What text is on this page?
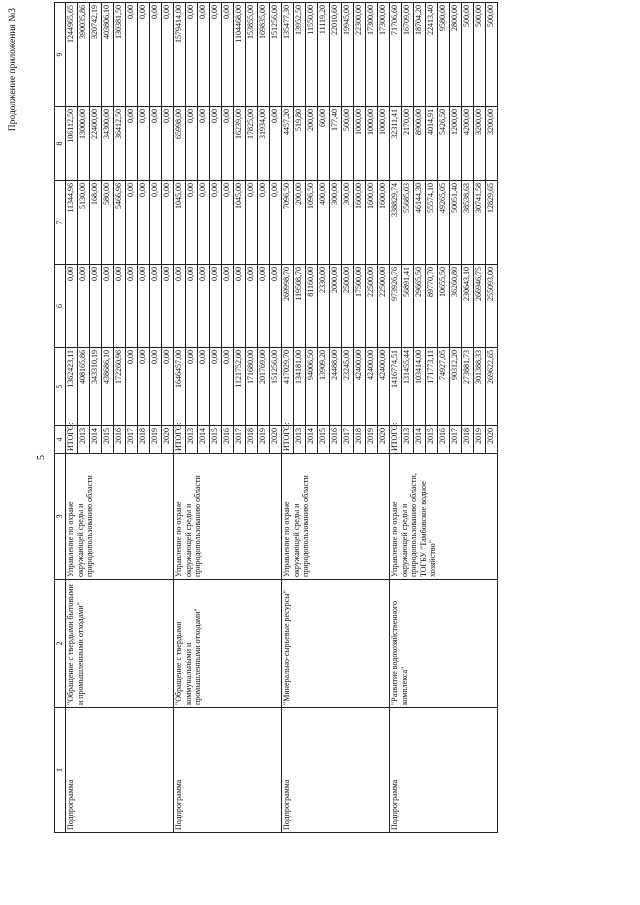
5
Продолжение приложения №3
1	2	3	4	5	6	7	8	9
Подпрограмма	"Обращение с твердыми бытовыми и промышленными отходами"	Управление по охране окружающей среды и природопользованию области	ИТОГО:	1362423,11	0,00	11344,96	106112,50	1244965,65
			2013	408165,86	0,00	5130,00	13000,00	390035,86
			2014	343310,19	0,00	168,00	22400,00	320742,19
			2015	438686,10	0,00	580,00	34300,00	403806,10
			2016	172260,96	0,00	5466,96	36412,50	130381,50
			2017	0,00	0,00	0,00	0,00	0,00
			2018	0,00	0,00	0,00	0,00	0,00
			2019	0,00	0,00	0,00	0,00	0,00
			2020	0,00	0,00	0,00	0,00	0,00
Подпрограмма	"Обращение с твердыми коммунальными и промышленными отходами"	Управление по охране окружающей среды и природопользованию области	ИТОГО:	1646457,00	0,00	1045,00	65998,00	1579414,00
			2013	0,00	0,00	0,00	0,00	0,00
			2014	0,00	0,00	0,00	0,00	0,00
			2015	0,00	0,00	0,00	0,00	0,00
			2016	0,00	0,00	0,00	0,00	0,00
			2017	1121752,00	0,00	1045,00	16239,00	1104468,00
			2018	171680,00	0,00	0,00	17825,00	153855,00
			2019	201769,00	0,00	0,00	31934,00	169835,00
			2020	151256,00	0,00	0,00	0,00	151256,00
Подпрограмма	"Минерально-сырьевые ресурсы"	Управление по охране окружающей среды и природопользованию области	ИТОГО:	417029,70	269998,70	7096,50	4457,20	135477,30
			2013	134181,00	119508,70	200,00	519,80	13952,50
			2014	94006,50	81160,00	1096,50	200,00	11550,00
			2015	13909,20	2330,00	400,00	60,00	11119,20
			2016	24488,00	2000,00	300,00	177,40	22010,60
			2017	23245,00	2500,00	300,00	500,00	19945,00
			2018	42400,00	17500,00	1600,00	1000,00	22300,00
			2019	42400,00	22500,00	1600,00	1000,00	17300,00
			2020	42400,00	22500,00	1600,00	1000,00	17300,00
Подпрограмма	"Развитие водохозяйственного комплекса"	Управление по охране окружающей среды и природопользованию области, ТОГБУ "Тамбовское водное хозяйство"	ИТОГО:	1416774,51	973926,76	338829,74	32311,41	71706,60
			2013	131455,44	56891,41	55685,03	2170,00	16709,00
			2014	103414,00	29665,50	46144,30	8900,00	18704,20
			2015	171773,11	89770,70	55574,10	4014,91	22413,40
			2016	74927,05	10655,50	49265,05	5426,50	9580,00
			2017	90312,20	36260,80	50051,40	1200,00	2800,00
			2018	273881,73	230643,10	38538,63	4200,00	500,00
			2019	301388,33	266946,75	30741,58	3200,00	500,00
			2020	269622,65	255093,00	12829,65	3200,00	500,00
